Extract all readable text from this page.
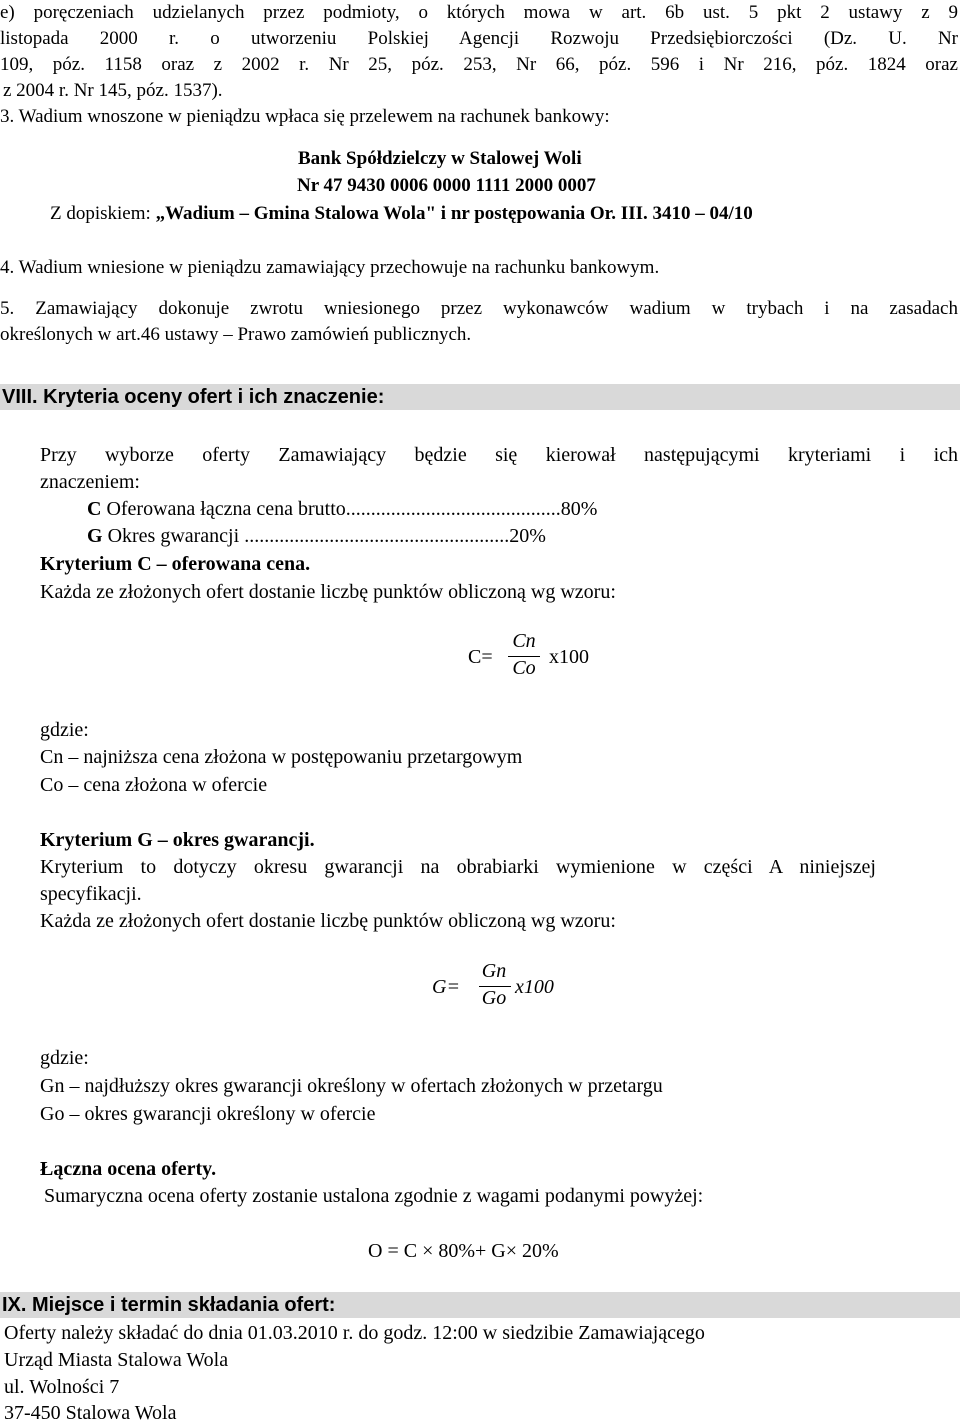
e) poręczeniach udzielanych przez podmioty, o których mowa w art. 6b ust. 5 pkt 2 ustawy z 9
listopada 2000 r. o utworzeniu Polskiej Agencji Rozwoju Przedsiębiorczości (Dz. U. Nr
109, póz. 1158 oraz z 2002 r. Nr 25, póz. 253, Nr 66, póz. 596 i Nr 216, póz. 1824 oraz
z 2004 r. Nr 145, póz. 1537).
3. Wadium wnoszone w pieniądzu wpłaca się przelewem na rachunek bankowy:
Bank Spółdzielczy w Stalowej Woli
Nr 47 9430 0006 0000 1111 2000 0007
Z dopiskiem: „Wadium – Gmina Stalowa Wola" i nr postępowania Or. III. 3410 – 04/10
4. Wadium wniesione w pieniądzu zamawiający przechowuje na rachunku bankowym.
5. Zamawiający dokonuje zwrotu wniesionego przez wykonawców wadium w trybach i na zasadach
określonych w art.46 ustawy – Prawo zamówień publicznych.
VIII. Kryteria oceny ofert i ich znaczenie:
Przy wyborze oferty Zamawiający będzie się kierował następującymi kryteriami i ich
znaczeniem:
C Oferowana łączna cena brutto...........................................80%
G Okres gwarancji .....................................................20%
Kryterium C – oferowana cena.
Każda ze złożonych ofert dostanie liczbę punktów obliczoną wg wzoru:
C=
Cn
Co x100
gdzie:
Cn – najniższa cena złożona w postępowaniu przetargowym
Co – cena złożona w ofercie
Kryterium G – okres gwarancji.
Kryterium to dotyczy okresu gwarancji na obrabiarki wymienione w części A niniejszej
specyfikacji.
Każda ze złożonych ofert dostanie liczbę punktów obliczoną wg wzoru:
G=
Gn
Go x100
gdzie:
Gn – najdłuższy okres gwarancji określony w ofertach złożonych w przetargu
Go – okres gwarancji określony w ofercie
Łączna ocena oferty.
Sumaryczna ocena oferty zostanie ustalona zgodnie z wagami podanymi powyżej:
O = C × 80%+ G× 20%
IX. Miejsce i termin składania ofert:
Oferty należy składać do dnia 01.03.2010 r. do godz. 12:00 w siedzibie Zamawiającego
Urząd Miasta Stalowa Wola
ul. Wolności 7
37-450 Stalowa Wola
